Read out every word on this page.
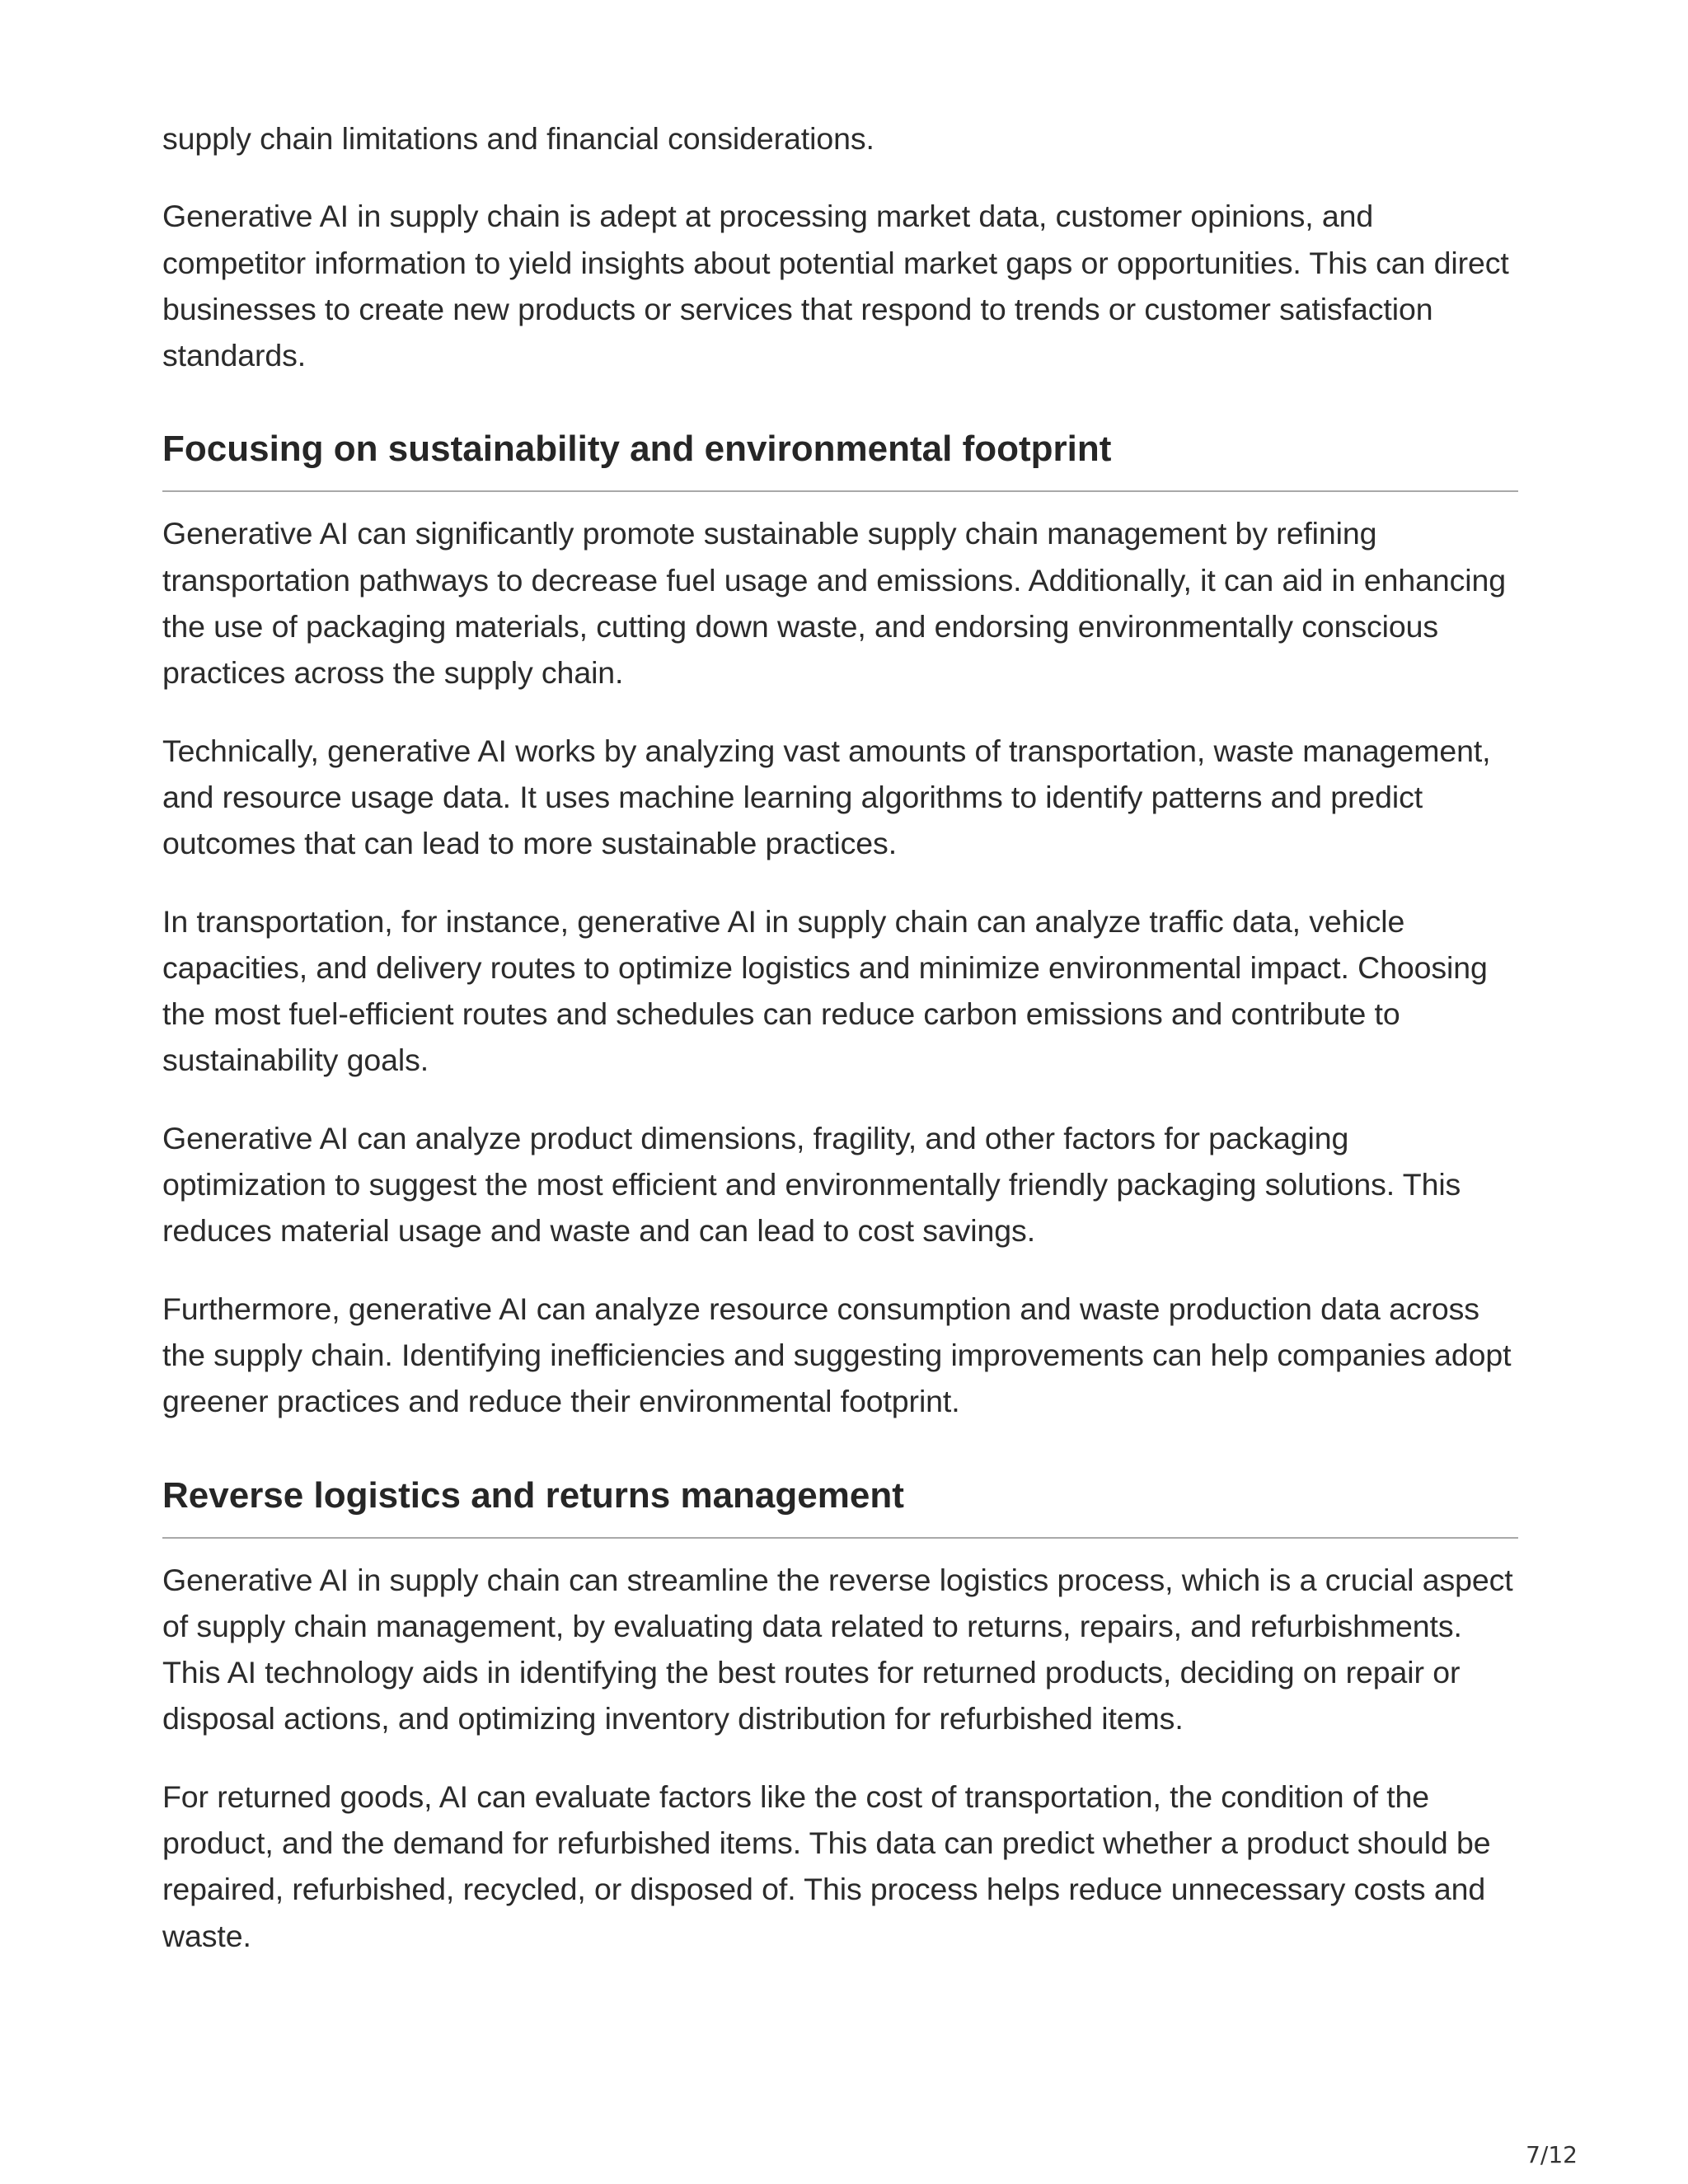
supply chain limitations and financial considerations.

Generative AI in supply chain is adept at processing market data, customer opinions, and competitor information to yield insights about potential market gaps or opportunities. This can direct businesses to create new products or services that respond to trends or customer satisfaction standards.

Focusing on sustainability and environmental footprint

Generative AI can significantly promote sustainable supply chain management by refining transportation pathways to decrease fuel usage and emissions. Additionally, it can aid in enhancing the use of packaging materials, cutting down waste, and endorsing environmentally conscious practices across the supply chain.

Technically, generative AI works by analyzing vast amounts of transportation, waste management, and resource usage data. It uses machine learning algorithms to identify patterns and predict outcomes that can lead to more sustainable practices.

In transportation, for instance, generative AI in supply chain can analyze traffic data, vehicle capacities, and delivery routes to optimize logistics and minimize environmental impact. Choosing the most fuel-efficient routes and schedules can reduce carbon emissions and contribute to sustainability goals.

Generative AI can analyze product dimensions, fragility, and other factors for packaging optimization to suggest the most efficient and environmentally friendly packaging solutions. This reduces material usage and waste and can lead to cost savings.

Furthermore, generative AI can analyze resource consumption and waste production data across the supply chain. Identifying inefficiencies and suggesting improvements can help companies adopt greener practices and reduce their environmental footprint.

Reverse logistics and returns management

Generative AI in supply chain can streamline the reverse logistics process, which is a crucial aspect of supply chain management, by evaluating data related to returns, repairs, and refurbishments. This AI technology aids in identifying the best routes for returned products, deciding on repair or disposal actions, and optimizing inventory distribution for refurbished items.

For returned goods, AI can evaluate factors like the cost of transportation, the condition of the product, and the demand for refurbished items. This data can predict whether a product should be repaired, refurbished, recycled, or disposed of. This process helps reduce unnecessary costs and waste.

7/12
